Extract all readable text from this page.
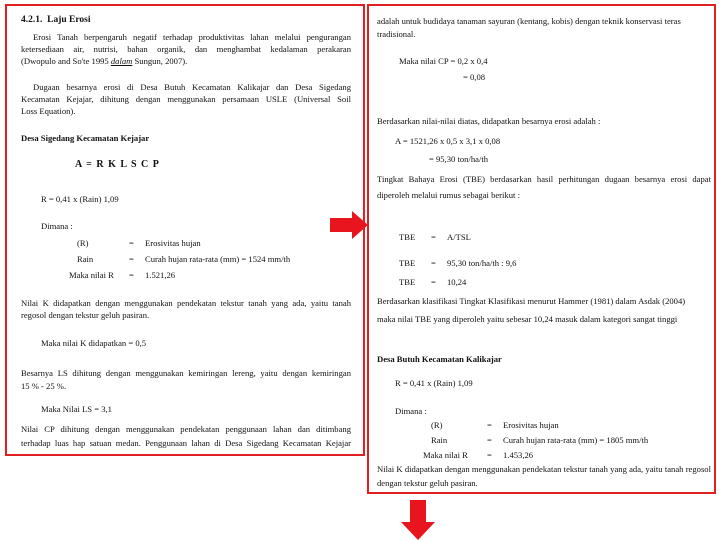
4.2.1. Laju Erosi
Erosi Tanah berpengaruh negatif terhadap produktivitas lahan melalui pengurangan
ketersediaan air, nutrisi, bahan organik, dan menghambat kedalaman perakaran
(Dwopulo and So'te 1995 dalam Sungun, 2007).
Dugaan besarnya erosi di Desa Butuh Kecamatan Kalikajar dan Desa Sigedang
Kecamatan Kejajar, dihitung dengan menggunakan persamaan USLE (Universal Soil
Loss Equation).
Desa Sigedang Kecamatan Kejajar
A = R K L S C P
R = 0,41 x (Rain) 1,09
Dimana :
(R)	= Erosivitas hujan
Rain	= Curah hujan rata-rata (mm) = 1524 mm/th
Maka nilai R = 1.521,26
Nilai K didapatkan dengan menggunakan pendekatan tekstur tanah yang ada, yaitu tanah
regosol dengan tekstur geluh pasiran.
Maka nilai K didapatkan = 0,5
Besarnya LS dihitung dengan menggunakan kemiringan lereng, yaitu dengan kemiringan
15 % - 25 %.
Maka Nilai LS = 3,1
Nilai CP dihitung dengan menggunakan pendekatan penggunaan lahan dan ditimbang
terhadap luas hap satuan medan. Penggunaan lahan di Desa Sigedang Kecamatan Kejajar
adalah untuk budidaya tanaman sayuran (kentang, kobis) dengan teknik konservasi teras
tradisional.
Maka nilai CP = 0,2 x 0,4
= 0,08
Berdasarkan nilai-nilai diatas, didapatkan besarnya erosi adalah :
A = 1521,26 x 0,5 x 3,1 x 0,08
= 95,30 ton/ha/th
Tingkat Bahaya Erosi (TBE) berdasarkan hasil perhitungan dugaan besarnya erosi dapat
diperoleh melalui rumus sebagai berikut :
TBE = A/TSL
TBE = 95,30 ton/ha/th : 9,6
TBE = 10,24
Berdasarkan klasifikasi Tingkat Klasifikasi menurut Hammer (1981) dalam Asdak (2004)
maka nilai TBE yang diperoleh yaitu sebesar 10,24 masuk dalam kategori sangat tinggi
Desa Butuh Kecamatan Kalikajar
R = 0,41 x (Rain) 1,09
Dimana :
(R)	= Erosivitas hujan
Rain	= Curah hujan rata-rata (mm) = 1805 mm/th
Maka nilai R = 1.453,26
Nilai K didapatkan dengan menggunakan pendekatan tekstur tanah yang ada, yaitu tanah regosol
dengan tekstur geluh pasiran.
